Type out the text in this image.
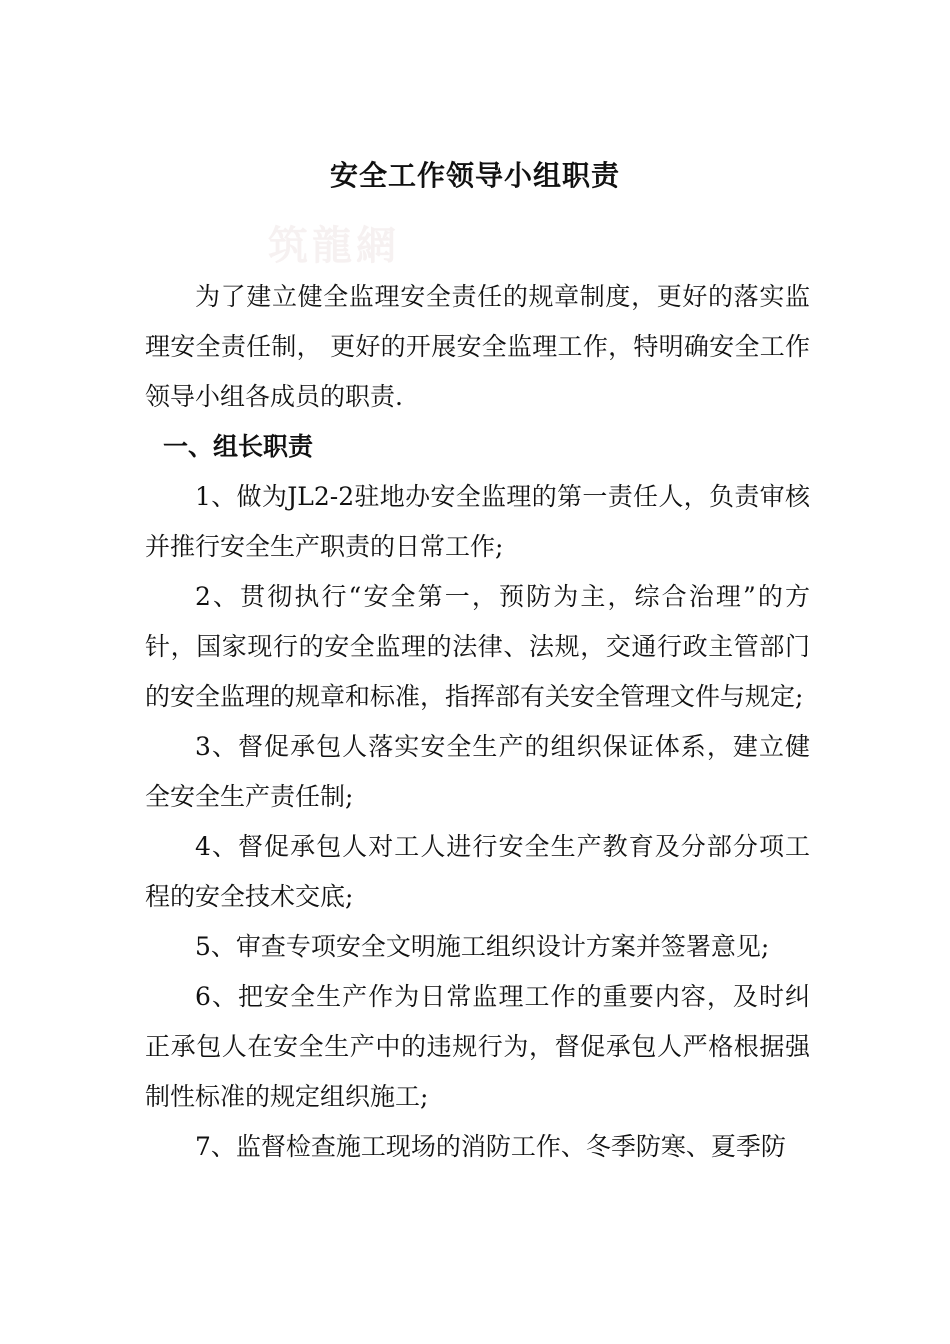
安全工作领导小组职责
筑龍網

为了建立健全监理安全责任的规章制度，更好的落实监理安全责任制， 更好的开展安全监理工作，特明确安全工作领导小组各成员的职责.

一、组长职责

1、做为JL2-2驻地办安全监理的第一责任人，负责审核并推行安全生产职责的日常工作;

2、贯彻执行“安全第一，预防为主，综合治理”的方针，国家现行的安全监理的法律、法规，交通行政主管部门的安全监理的规章和标准，指挥部有关安全管理文件与规定;

3、督促承包人落实安全生产的组织保证体系，建立健全安全生产责任制;

4、督促承包人对工人进行安全生产教育及分部分项工程的安全技术交底;

5、审查专项安全文明施工组织设计方案并签署意见;

6、把安全生产作为日常监理工作的重要内容，及时纠正承包人在安全生产中的违规行为，督促承包人严格根据强制性标准的规定组织施工;

7、监督检查施工现场的消防工作、冬季防寒、夏季防
